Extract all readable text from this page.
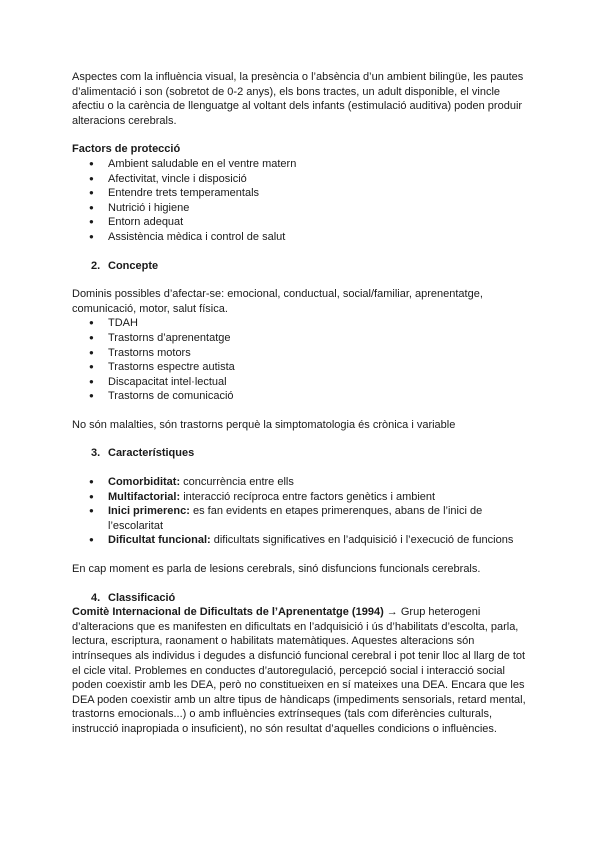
Aspectes com la influència visual, la presència o l’absència d’un ambient bilingüe, les pautes d’alimentació i son (sobretot de 0-2 anys), els bons tractes, un adult disponible, el vincle afectiu o la carència de llenguatge al voltant dels infants (estimulació auditiva) poden produir alteracions cerebrals.

Factors de protecció

● Ambient saludable en el ventre matern
● Afectivitat, vincle i disposició
● Entendre trets temperamentals
● Nutrició i higiene
● Entorn adequat
● Assistència mèdica i control de salut

2. Concepte

Dominis possibles d’afectar-se: emocional, conductual, social/familiar, aprenentatge, comunicació, motor, salut física.

● TDAH
● Trastorns d’aprenentatge
● Trastorns motors
● Trastorns espectre autista
● Discapacitat intel·lectual
● Trastorns de comunicació

No són malalties, són trastorns perquè la simptomatologia és crònica i variable

3. Característiques

● Comorbiditat: concurrència entre ells
● Multifactorial: interacció recíproca entre factors genètics i ambient
● Inici primerenc: es fan evidents en etapes primerenques, abans de l’inici de l’escolaritat
● Dificultat funcional: dificultats significatives en l’adquisició i l’execució de funcions

En cap moment es parla de lesions cerebrals, sinó disfuncions funcionals cerebrals.

4. Classificació

Comitè Internacional de Dificultats de l’Aprenentatge (1994) → Grup heterogeni d’alteracions que es manifesten en dificultats en l’adquisició i ús d’habilitats d’escolta, parla, lectura, escriptura, raonament o habilitats matemàtiques. Aquestes alteracions són intrínseques als individus i degudes a disfunció funcional cerebral i pot tenir lloc al llarg de tot el cicle vital. Problemes en conductes d’autoregulació, percepció social i interacció social poden coexistir amb les DEA, però no constitueixen en sí mateixes una DEA. Encara que les DEA poden coexistir amb un altre tipus de hàndicaps (impediments sensorials, retard mental, trastorns emocionals...) o amb influències extrínseques (tals com diferències culturals, instrucció inapropiada o insuficient), no són resultat d’aquelles condicions o influències.
